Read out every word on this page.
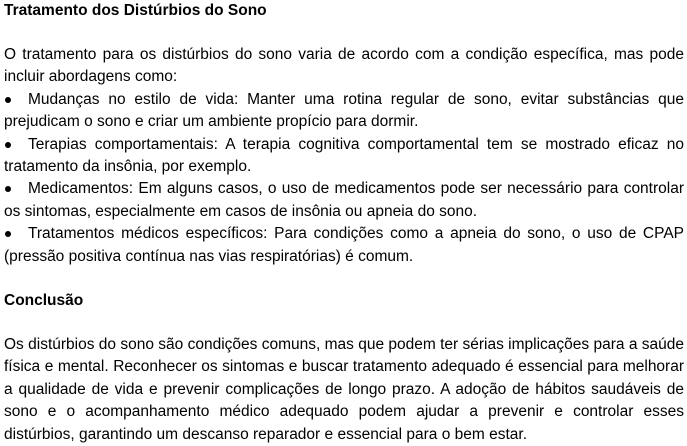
Tratamento dos Distúrbios do Sono

O tratamento para os distúrbios do sono varia de acordo com a condição específica, mas pode incluir abordagens como:

Mudanças no estilo de vida: Manter uma rotina regular de sono, evitar substâncias que prejudicam o sono e criar um ambiente propício para dormir.
Terapias comportamentais: A terapia cognitiva comportamental tem se mostrado eficaz no tratamento da insônia, por exemplo.
Medicamentos: Em alguns casos, o uso de medicamentos pode ser necessário para controlar os sintomas, especialmente em casos de insônia ou apneia do sono.
Tratamentos médicos específicos: Para condições como a apneia do sono, o uso de CPAP (pressão positiva contínua nas vias respiratórias) é comum.

Conclusão

Os distúrbios do sono são condições comuns, mas que podem ter sérias implicações para a saúde física e mental. Reconhecer os sintomas e buscar tratamento adequado é essencial para melhorar a qualidade de vida e prevenir complicações de longo prazo. A adoção de hábitos saudáveis de sono e o acompanhamento médico adequado podem ajudar a prevenir e controlar esses distúrbios, garantindo um descanso reparador e essencial para o bem estar.
